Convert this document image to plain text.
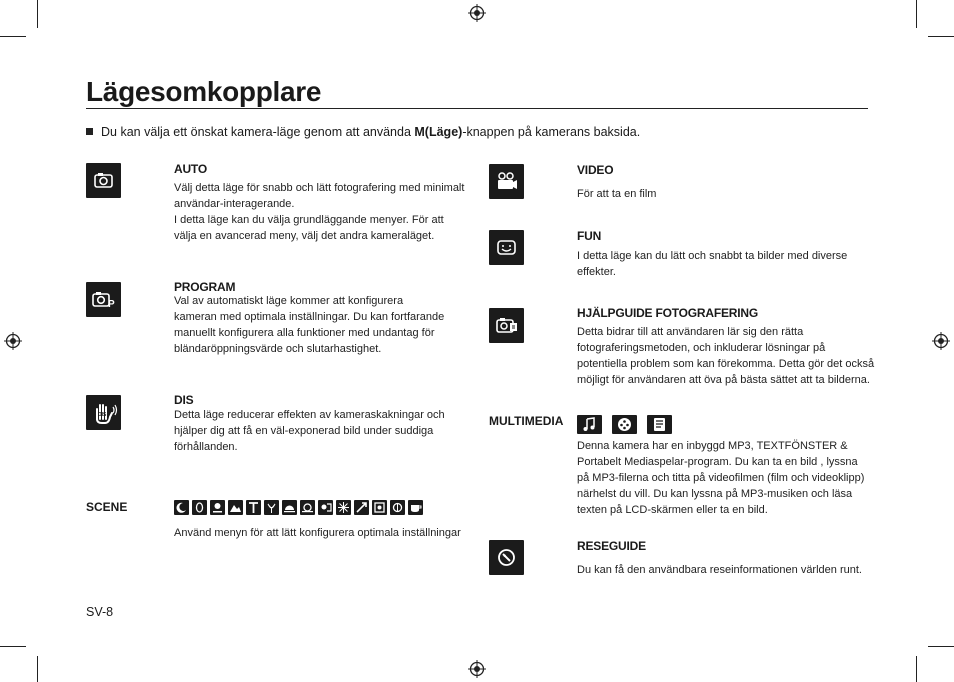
Lägesomkopplare
Du kan välja ett önskat kamera-läge genom att använda M(Läge)-knappen på kamerans baksida.
AUTO
Välj detta läge för snabb och lätt fotografering med minimalt
användar-interagerande.
I detta läge kan du välja grundläggande menyer. För att
välja en avancerad meny, välj det andra kameraläget.
P
PROGRAM
Val av automatiskt läge kommer att konfigurera
kameran med optimala inställningar. Du kan fortfarande
manuellt konfigurera alla funktioner med undantag för
bländaröppningsvärde och slutarhastighet.
DIS
DIS
Detta läge reducerar effekten av kameraskakningar och
hjälper dig att få en väl-exponerad bild under suddiga
förhållanden.
SCENE
Använd menyn för att lätt konfigurera optimala inställningar
VIDEO
För att ta en film
FUN
I detta läge kan du lätt och snabbt ta bilder med diverse
effekter.
HJÄLPGUIDE FOTOGRAFERING
Detta bidrar till att användaren lär sig den rätta
fotograferingsmetoden, och inkluderar lösningar på
potentiella problem som kan förekomma. Detta gör det också
möjligt för användaren att öva på bästa sättet att ta bilderna.
MULTIMEDIA
Denna kamera har en inbyggd MP3, TEXTFÖNSTER &
Portabelt Mediaspelar-program. Du kan ta en bild , lyssna
på MP3-filerna och titta på videofilmen (film och videoklipp)
närhelst du vill. Du kan lyssna på MP3-musiken och läsa
texten på LCD-skärmen eller ta en bild.
RESEGUIDE
Du kan få den användbara reseinformationen världen runt.
SV-8
